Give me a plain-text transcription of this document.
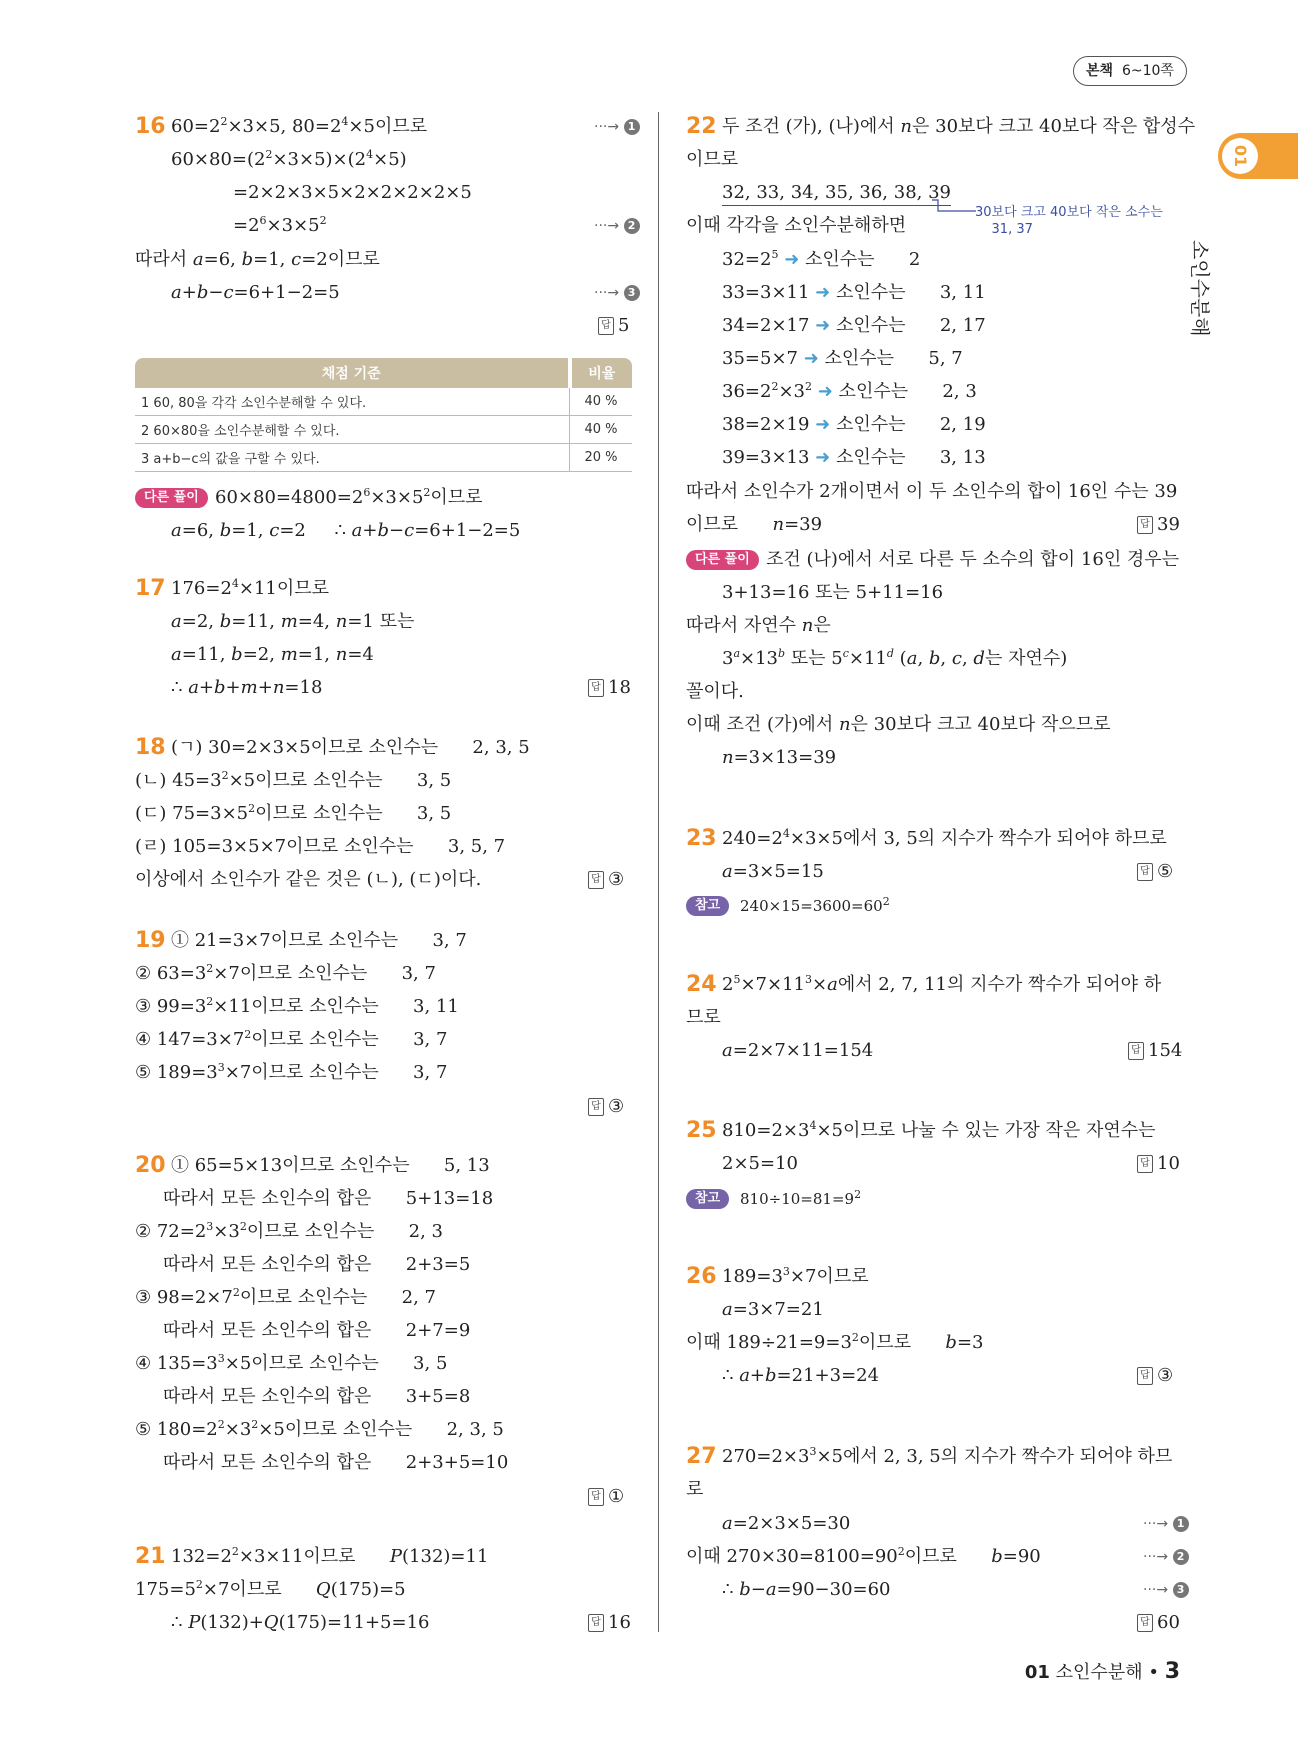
본책 6~10쪽
01
소인수분해
16 $60=2^2\times 3\times 5$, $80=2^4\times 5$이므로	···→ 1
$60\times 80=(2^2\times 3\times 5)\times(2^4\times 5)$
=2×2×3×5×2×2×2×2×5
$=2^6\times 3\times 5^2$	···→ 2
따라서 a=6, b=1, c=2이므로
a+b−c=6+1−2=5	···→ 3
답 5
채점 기준	비율
1 60, 80을 각각 소인수분해할 수 있다.	40 %
2 60×80을 소인수분해할 수 있다.	40 %
3 a+b−c의 값을 구할 수 있다.	20 %
다른 풀이 $60\times 80=4800=2^6\times 3\times 5^2$이므로
a=6, b=1, c=2     ∴ a+b−c=6+1−2=5
17 $176=2^4\times 11$이므로
a=2, b=11, m=4, n=1 또는
a=11, b=2, m=1, n=4
∴ a+b+m+n=18	답 18
18 (ㄱ) 30=2×3×5이므로 소인수는      2, 3, 5
(ㄴ) $45=3^2\times 5$이므로 소인수는      3, 5
(ㄷ) $75=3\times 5^2$이므로 소인수는      3, 5
(ㄹ) 105=3×5×7이므로 소인수는      3, 5, 7
이상에서 소인수가 같은 것은 (ㄴ), (ㄷ)이다.	답 ③
19 ① 21=3×7이므로 소인수는      3, 7
② $63=3^2\times 7$이므로 소인수는      3, 7
③ $99=3^2\times 11$이므로 소인수는      3, 11
④ $147=3\times 7^2$이므로 소인수는      3, 7
⑤ $189=3^3\times 7$이므로 소인수는      3, 7
답 ③
20 ① 65=5×13이므로 소인수는      5, 13
따라서 모든 소인수의 합은      5+13=18
② $72=2^3\times 3^2$이므로 소인수는      2, 3
따라서 모든 소인수의 합은      2+3=5
③ $98=2\times 7^2$이므로 소인수는      2, 7
따라서 모든 소인수의 합은      2+7=9
④ $135=3^3\times 5$이므로 소인수는      3, 5
따라서 모든 소인수의 합은      3+5=8
⑤ $180=2^2\times 3^2\times 5$이므로 소인수는      2, 3, 5
따라서 모든 소인수의 합은      2+3+5=10
답 ①
21 $132=2^2\times 3\times 11$이므로      P(132)=11
$175=5^2\times 7$이므로      Q(175)=5
∴ P(132)+Q(175)=11+5=16	답 16
22 두 조건 (가), (나)에서 n은 30보다 크고 40보다 작은 합성수
이므로
32, 33, 34, 35, 36, 38, 39
30보다 크고 40보다 작은 소수는
31, 37
이때 각각을 소인수분해하면
$32=2^5$ ➜ 소인수는      2
33=3×11 ➜ 소인수는      3, 11
34=2×17 ➜ 소인수는      2, 17
35=5×7 ➜ 소인수는      5, 7
$36=2^2\times 3^2$ ➜ 소인수는      2, 3
38=2×19 ➜ 소인수는      2, 19
39=3×13 ➜ 소인수는      3, 13
따라서 소인수가 2개이면서 이 두 소인수의 합이 16인 수는 39
이므로      n=39	답 39
다른 풀이 조건 (나)에서 서로 다른 두 소수의 합이 16인 경우는
3+13=16 또는 5+11=16
따라서 자연수 n은
$3^a\times 13^b$ 또는 $5^c\times 11^d$ (a, b, c, d는 자연수)
꼴이다.
이때 조건 (가)에서 n은 30보다 크고 40보다 작으므로
n=3×13=39
23 $240=2^4\times 3\times 5$에서 3, 5의 지수가 짝수가 되어야 하므로
a=3×5=15	답 ⑤
참고	$240\times 15=3600=60^2$
24 $2^5\times 7\times 11^3\times a$에서 2, 7, 11의 지수가 짝수가 되어야 하
므로
a=2×7×11=154	답 154
25 $810=2\times 3^4\times 5$이므로 나눌 수 있는 가장 작은 자연수는
2×5=10	답 10
참고	$810\div 10=81=9^2$
26 $189=3^3\times 7$이므로
a=3×7=21
이때 $189\div 21=9=3^2$이므로      b=3
∴ a+b=21+3=24	답 ③
27 $270=2\times 3^3\times 5$에서 2, 3, 5의 지수가 짝수가 되어야 하므
로
a=2×3×5=30	···→ 1
이때 $270\times 30=8100=90^2$이므로      b=90	···→ 2
∴ b−a=90−30=60	···→ 3
답 60
01 소인수분해 • 3
